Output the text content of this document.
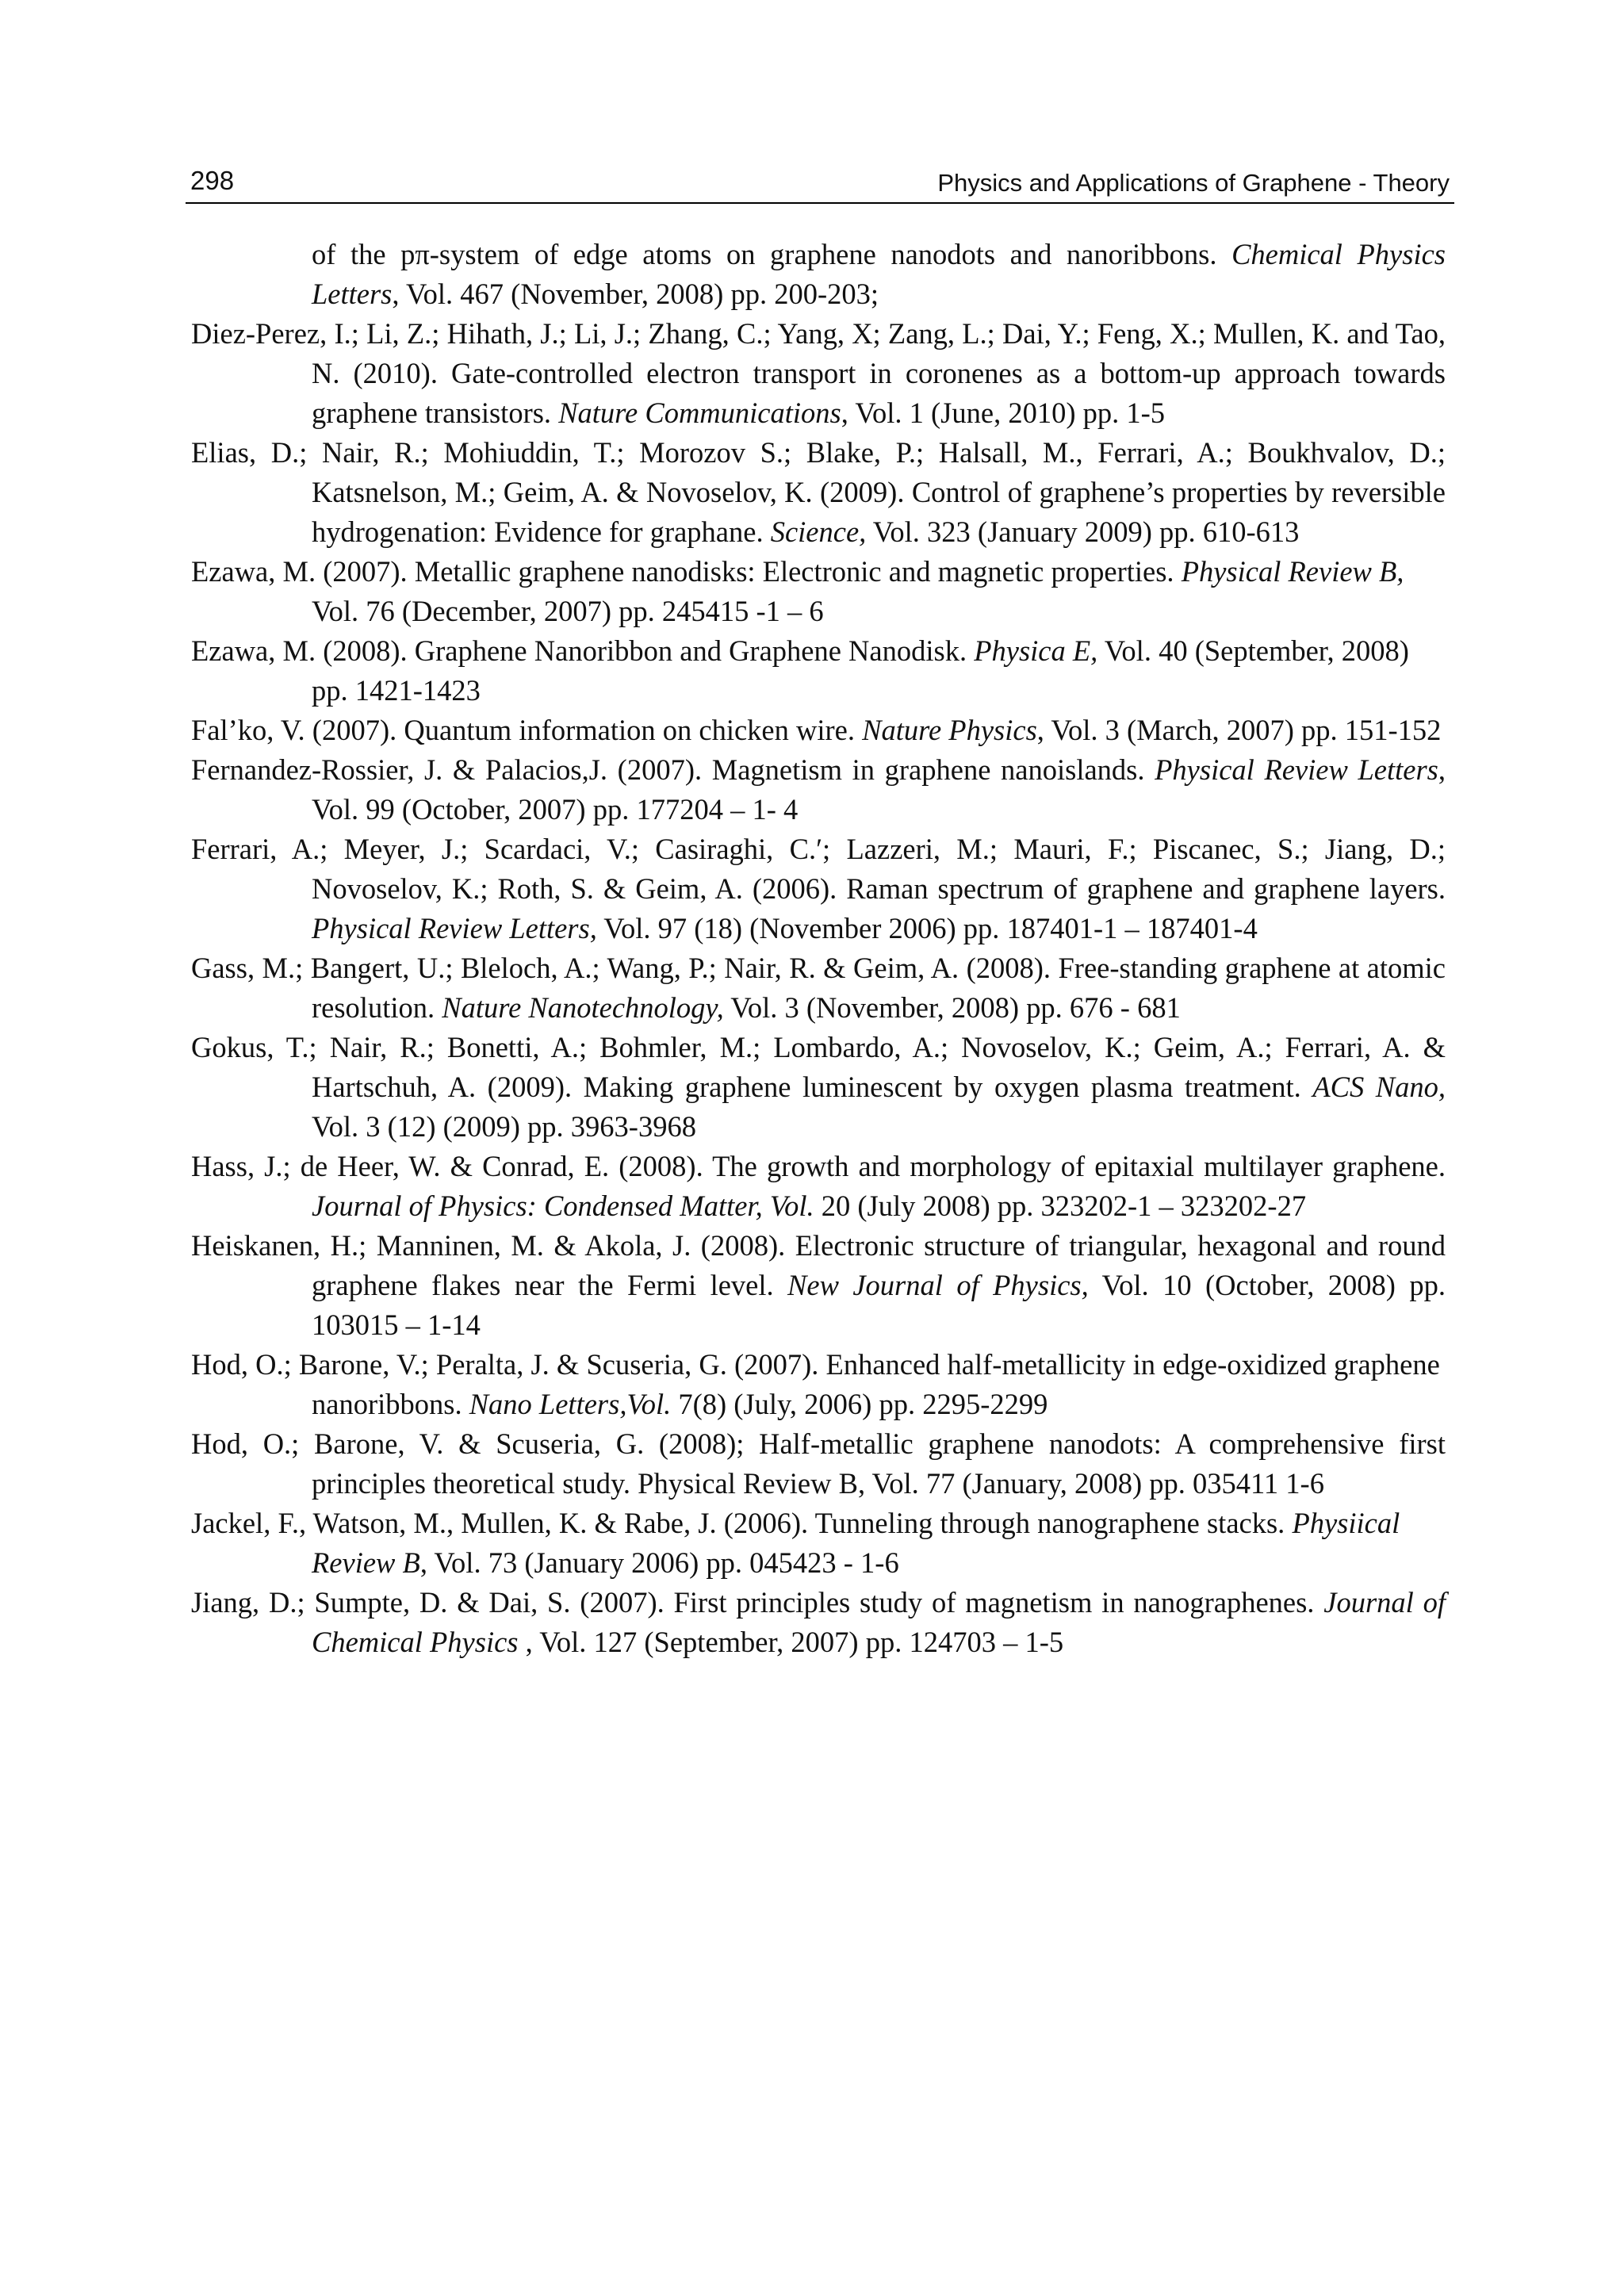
298	Physics and Applications of Graphene - Theory

of the pπ-system of edge atoms on graphene nanodots and nanoribbons. Chemical Physics Letters, Vol. 467 (November, 2008) pp. 200-203;

Diez-Perez, I.; Li, Z.; Hihath, J.; Li, J.; Zhang, C.; Yang, X; Zang, L.; Dai, Y.; Feng, X.; Mullen, K. and Tao, N. (2010). Gate-controlled electron transport in coronenes as a bottom-up approach towards graphene transistors. Nature Communications, Vol. 1 (June, 2010) pp. 1-5

Elias, D.; Nair, R.; Mohiuddin, T.; Morozov S.; Blake, P.; Halsall, M., Ferrari, A.; Boukhvalov, D.; Katsnelson, M.; Geim, A. & Novoselov, K. (2009). Control of graphene’s properties by reversible hydrogenation: Evidence for graphane. Science, Vol. 323 (January 2009) pp. 610-613

Ezawa, M. (2007). Metallic graphene nanodisks: Electronic and magnetic properties. Physical Review B, Vol. 76 (December, 2007) pp. 245415 -1 – 6

Ezawa, M. (2008). Graphene Nanoribbon and Graphene Nanodisk. Physica E, Vol. 40 (September, 2008) pp. 1421-1423

Fal’ko, V. (2007). Quantum information on chicken wire. Nature Physics, Vol. 3 (March, 2007) pp. 151-152

Fernandez-Rossier, J. & Palacios,J. (2007). Magnetism in graphene nanoislands. Physical Review Letters, Vol. 99 (October, 2007) pp. 177204 – 1- 4

Ferrari, A.; Meyer, J.; Scardaci, V.; Casiraghi, C.′; Lazzeri, M.; Mauri, F.; Piscanec, S.; Jiang, D.; Novoselov, K.; Roth, S. & Geim, A. (2006). Raman spectrum of graphene and graphene layers. Physical Review Letters, Vol. 97 (18) (November 2006) pp. 187401-1 – 187401-4

Gass, M.; Bangert, U.; Bleloch, A.; Wang, P.; Nair, R. & Geim, A. (2008). Free-standing graphene at atomic resolution. Nature Nanotechnology, Vol. 3 (November, 2008) pp. 676 - 681

Gokus, T.; Nair, R.; Bonetti, A.; Bohmler, M.; Lombardo, A.; Novoselov, K.; Geim, A.; Ferrari, A. & Hartschuh, A. (2009). Making graphene luminescent by oxygen plasma treatment. ACS Nano, Vol. 3 (12) (2009) pp. 3963-3968

Hass, J.; de Heer, W. & Conrad, E. (2008). The growth and morphology of epitaxial multilayer graphene. Journal of Physics: Condensed Matter, Vol. 20 (July 2008) pp. 323202-1 – 323202-27

Heiskanen, H.; Manninen, M. & Akola, J. (2008). Electronic structure of triangular, hexagonal and round graphene flakes near the Fermi level. New Journal of Physics, Vol. 10 (October, 2008) pp. 103015 – 1-14

Hod, O.; Barone, V.; Peralta, J. & Scuseria, G. (2007). Enhanced half-metallicity in edge-oxidized graphene nanoribbons. Nano Letters,Vol. 7(8) (July, 2006) pp. 2295-2299

Hod, O.; Barone, V. & Scuseria, G. (2008); Half-metallic graphene nanodots: A comprehensive first principles theoretical study. Physical Review B, Vol. 77 (January, 2008) pp. 035411 1-6

Jackel, F., Watson, M., Mullen, K. & Rabe, J. (2006). Tunneling through nanographene stacks. Physiical Review B, Vol. 73 (January 2006) pp. 045423 - 1-6

Jiang, D.; Sumpte, D. & Dai, S. (2007). First principles study of magnetism in nanographenes. Journal of Chemical Physics , Vol. 127 (September, 2007) pp. 124703 – 1-5
